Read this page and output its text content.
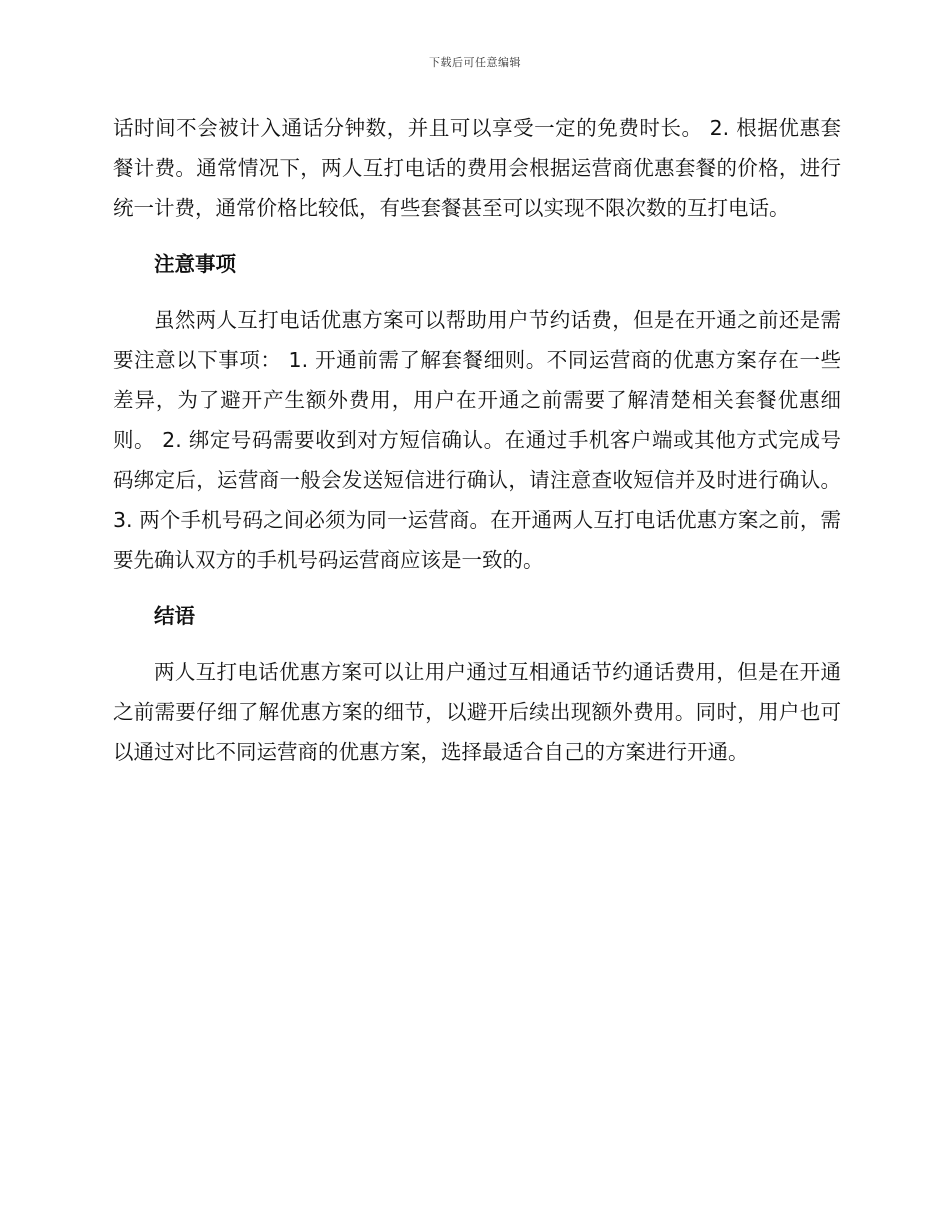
下载后可任意编辑

话时间不会被计入通话分钟数，并且可以享受一定的免费时长。 2. 根据优惠套餐计费。通常情况下，两人互打电话的费用会根据运营商优惠套餐的价格，进行统一计费，通常价格比较低，有些套餐甚至可以实现不限次数的互打电话。

注意事项

虽然两人互打电话优惠方案可以帮助用户节约话费，但是在开通之前还是需要注意以下事项： 1. 开通前需了解套餐细则。不同运营商的优惠方案存在一些差异，为了避开产生额外费用，用户在开通之前需要了解清楚相关套餐优惠细则。 2. 绑定号码需要收到对方短信确认。在通过手机客户端或其他方式完成号码绑定后，运营商一般会发送短信进行确认，请注意查收短信并及时进行确认。 3. 两个手机号码之间必须为同一运营商。在开通两人互打电话优惠方案之前，需要先确认双方的手机号码运营商应该是一致的。

结语

两人互打电话优惠方案可以让用户通过互相通话节约通话费用，但是在开通之前需要仔细了解优惠方案的细节，以避开后续出现额外费用。同时，用户也可以通过对比不同运营商的优惠方案，选择最适合自己的方案进行开通。
